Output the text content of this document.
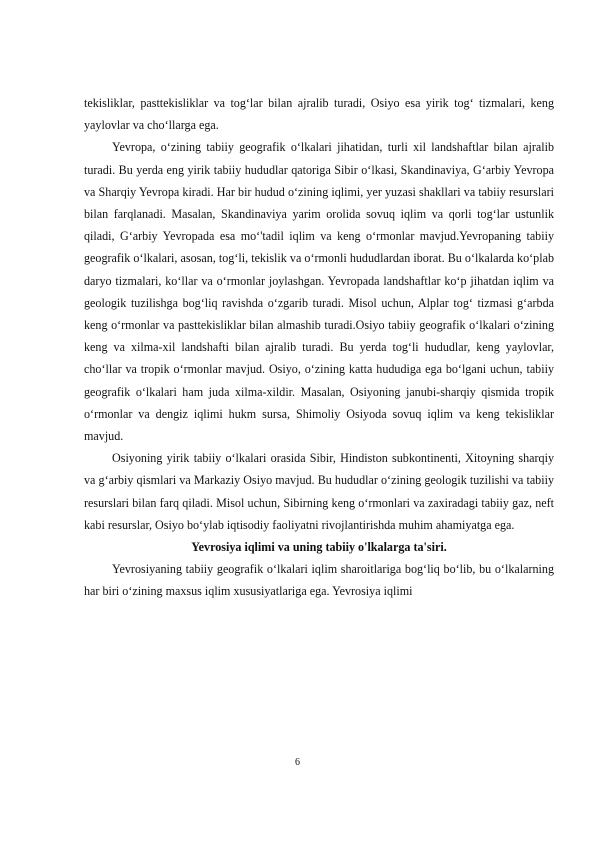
tekisliklar, pasttekisliklar va tog‘lar bilan ajralib turadi, Osiyo esa yirik tog‘ tizmalari, keng yaylovlar va cho‘llarga ega.

Yevropa, o‘zining tabiiy geografik o‘lkalari jihatidan, turli xil landshaftlar bilan ajralib turadi. Bu yerda eng yirik tabiiy hududlar qatoriga Sibir o‘lkasi, Skandinaviya, G‘arbiy Yevropa va Sharqiy Yevropa kiradi. Har bir hudud o‘zining iqlimi, yer yuzasi shakllari va tabiiy resurslari bilan farqlanadi. Masalan, Skandinaviya yarim orolida sovuq iqlim va qorli tog‘lar ustunlik qiladi, G‘arbiy Yevropada esa mo‘'tadil iqlim va keng o‘rmonlar mavjud.Yevropaning tabiiy geografik o‘lkalari, asosan, tog‘li, tekislik va o‘rmonli hududlardan iborat. Bu o‘lkalarda ko‘plab daryo tizmalari, ko‘llar va o‘rmonlar joylashgan. Yevropada landshaftlar ko‘p jihatdan iqlim va geologik tuzilishga bog‘liq ravishda o‘zgarib turadi. Misol uchun, Alplar tog‘ tizmasi g‘arbda keng o‘rmonlar va pasttekisliklar bilan almashib turadi.Osiyo tabiiy geografik o‘lkalari o‘zining keng va xilma-xil landshafti bilan ajralib turadi. Bu yerda tog‘li hududlar, keng yaylovlar, cho‘llar va tropik o‘rmonlar mavjud. Osiyo, o‘zining katta hududiga ega bo‘lgani uchun, tabiiy geografik o‘lkalari ham juda xilma-xildir. Masalan, Osiyoning janubi-sharqiy qismida tropik o‘rmonlar va dengiz iqlimi hukm sursa, Shimoliy Osiyoda sovuq iqlim va keng tekisliklar mavjud.

Osiyoning yirik tabiiy o‘lkalari orasida Sibir, Hindiston subkontinenti, Xitoyning sharqiy va g‘arbiy qismlari va Markaziy Osiyo mavjud. Bu hududlar o‘zining geologik tuzilishi va tabiiy resurslari bilan farq qiladi. Misol uchun, Sibirning keng o‘rmonlari va zaxiradagi tabiiy gaz, neft kabi resurslar, Osiyo bo‘ylab iqtisodiy faoliyatni rivojlantirishda muhim ahamiyatga ega.

Yevrosiya iqlimi va uning tabiiy o'lkalarga ta'siri.

Yevrosiyaning tabiiy geografik o‘lkalari iqlim sharoitlariga bog‘liq bo‘lib, bu o‘lkalarning har biri o‘zining maxsus iqlim xususiyatlariga ega. Yevrosiya iqlimi

6
